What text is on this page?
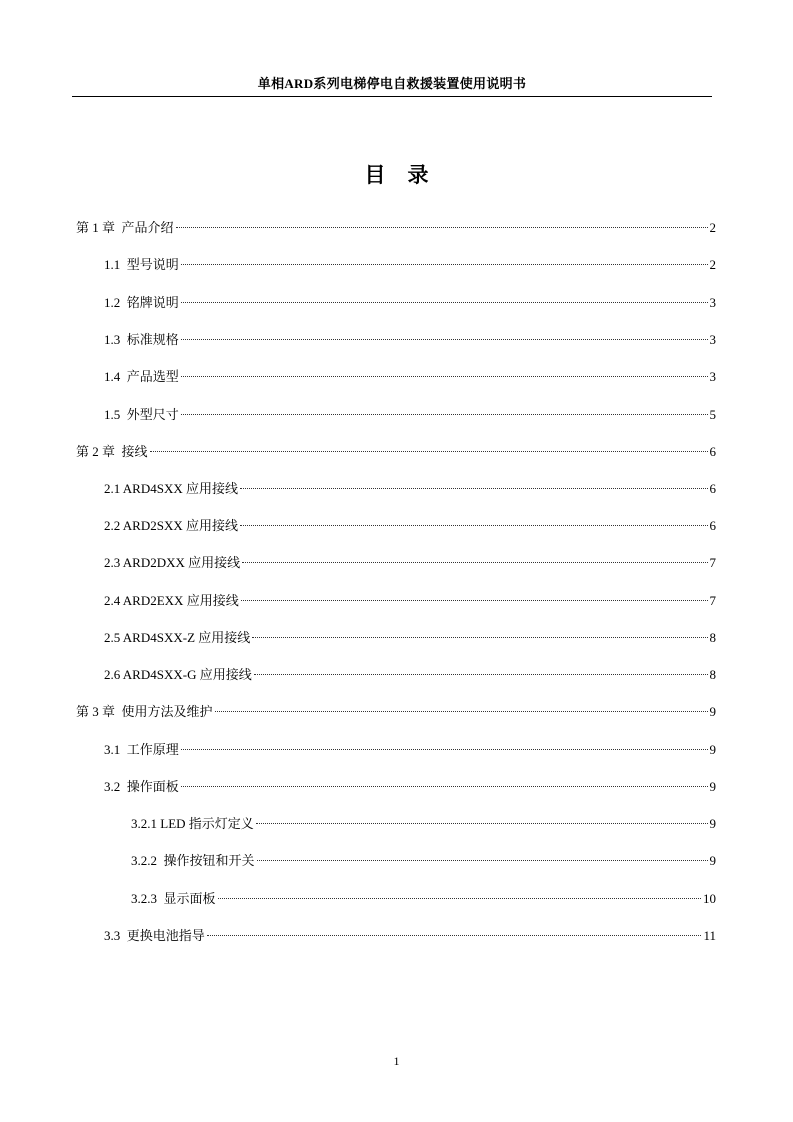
单相ARD系列电梯停电自救援装置使用说明书
目录
第 1 章  产品介绍	2
1.1  型号说明	2
1.2  铭牌说明	3
1.3  标准规格	3
1.4  产品选型	3
1.5  外型尺寸	5
第 2 章  接线	6
2.1 ARD4SXX 应用接线	6
2.2 ARD2SXX 应用接线	6
2.3 ARD2DXX 应用接线	7
2.4 ARD2EXX 应用接线	7
2.5 ARD4SXX-Z 应用接线	8
2.6 ARD4SXX-G 应用接线	8
第 3 章  使用方法及维护	9
3.1  工作原理	9
3.2  操作面板	9
3.2.1 LED 指示灯定义	9
3.2.2  操作按钮和开关	9
3.2.3  显示面板	10
3.3  更换电池指导	11
1
